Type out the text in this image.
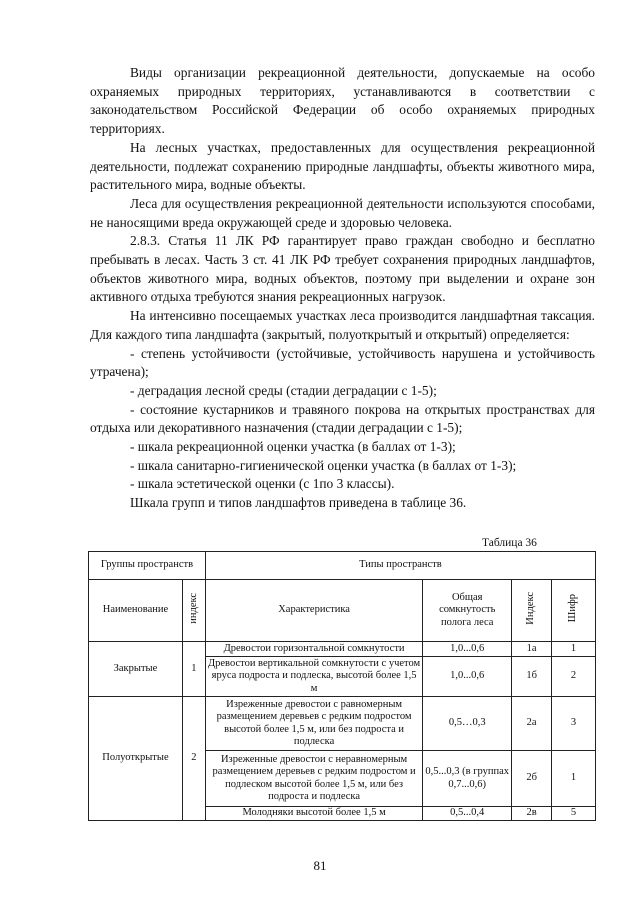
Виды организации рекреационной деятельности, допускаемые на особо охраняемых природных территориях, устанавливаются в соответствии с законодательством Российской Федерации об особо охраняемых природных территориях.

На лесных участках, предоставленных для осуществления рекреационной деятельности, подлежат сохранению природные ландшафты, объекты животного мира, растительного мира, водные объекты.

Леса для осуществления рекреационной деятельности используются способами, не наносящими вреда окружающей среде и здоровью человека.

2.8.3. Статья 11 ЛК РФ гарантирует право граждан свободно и бесплатно пребывать в лесах. Часть 3 ст. 41 ЛК РФ требует сохранения природных ландшафтов, объектов животного мира, водных объектов, поэтому при выделении и охране зон активного отдыха требуются знания рекреационных нагрузок.

На интенсивно посещаемых участках леса производится ландшафтная таксация. Для каждого типа ландшафта (закрытый, полуоткрытый и открытый) определяется:

- степень устойчивости (устойчивые, устойчивость нарушена и устойчивость утрачена);

- деградация лесной среды (стадии деградации с 1-5);

- состояние кустарников и травяного покрова на открытых пространствах для отдыха или декоративного назначения (стадии деградации с 1-5);

- шкала рекреационной оценки участка (в баллах от 1-3);

- шкала санитарно-гигиенической оценки участка (в баллах от 1-3);

- шкала эстетической оценки (с 1по 3 классы).

Шкала групп и типов ландшафтов приведена в таблице 36.

Таблица 36
Группы пространств		Типы пространств			
Наименование	индекс	Характеристика	Общая сомкнутость полога леса	Индекс	Шифр
Закрытые	1	Древостои горизонтальной сомкнутости	1,0...0,6	1а	1
		Древостои вертикальной сомкнутости с учетом яруса подроста и подлеска, высотой более 1,5 м	1,0...0,6	1б	2
Полуоткрытые	2	Изреженные древостои с равномерным размещением деревьев с редким подростом высотой более 1,5 м, или без подроста и подлеска	0,5…0,3	2а	3
		Изреженные древостои с неравномерным размещением деревьев с редким подростом и подлеском высотой более 1,5 м, или без подроста и подлеска	0,5...0,3 (в группах 0,7...0,6)	2б	1
		Молодняки высотой более 1,5 м	0,5...0,4	2в	5
81
